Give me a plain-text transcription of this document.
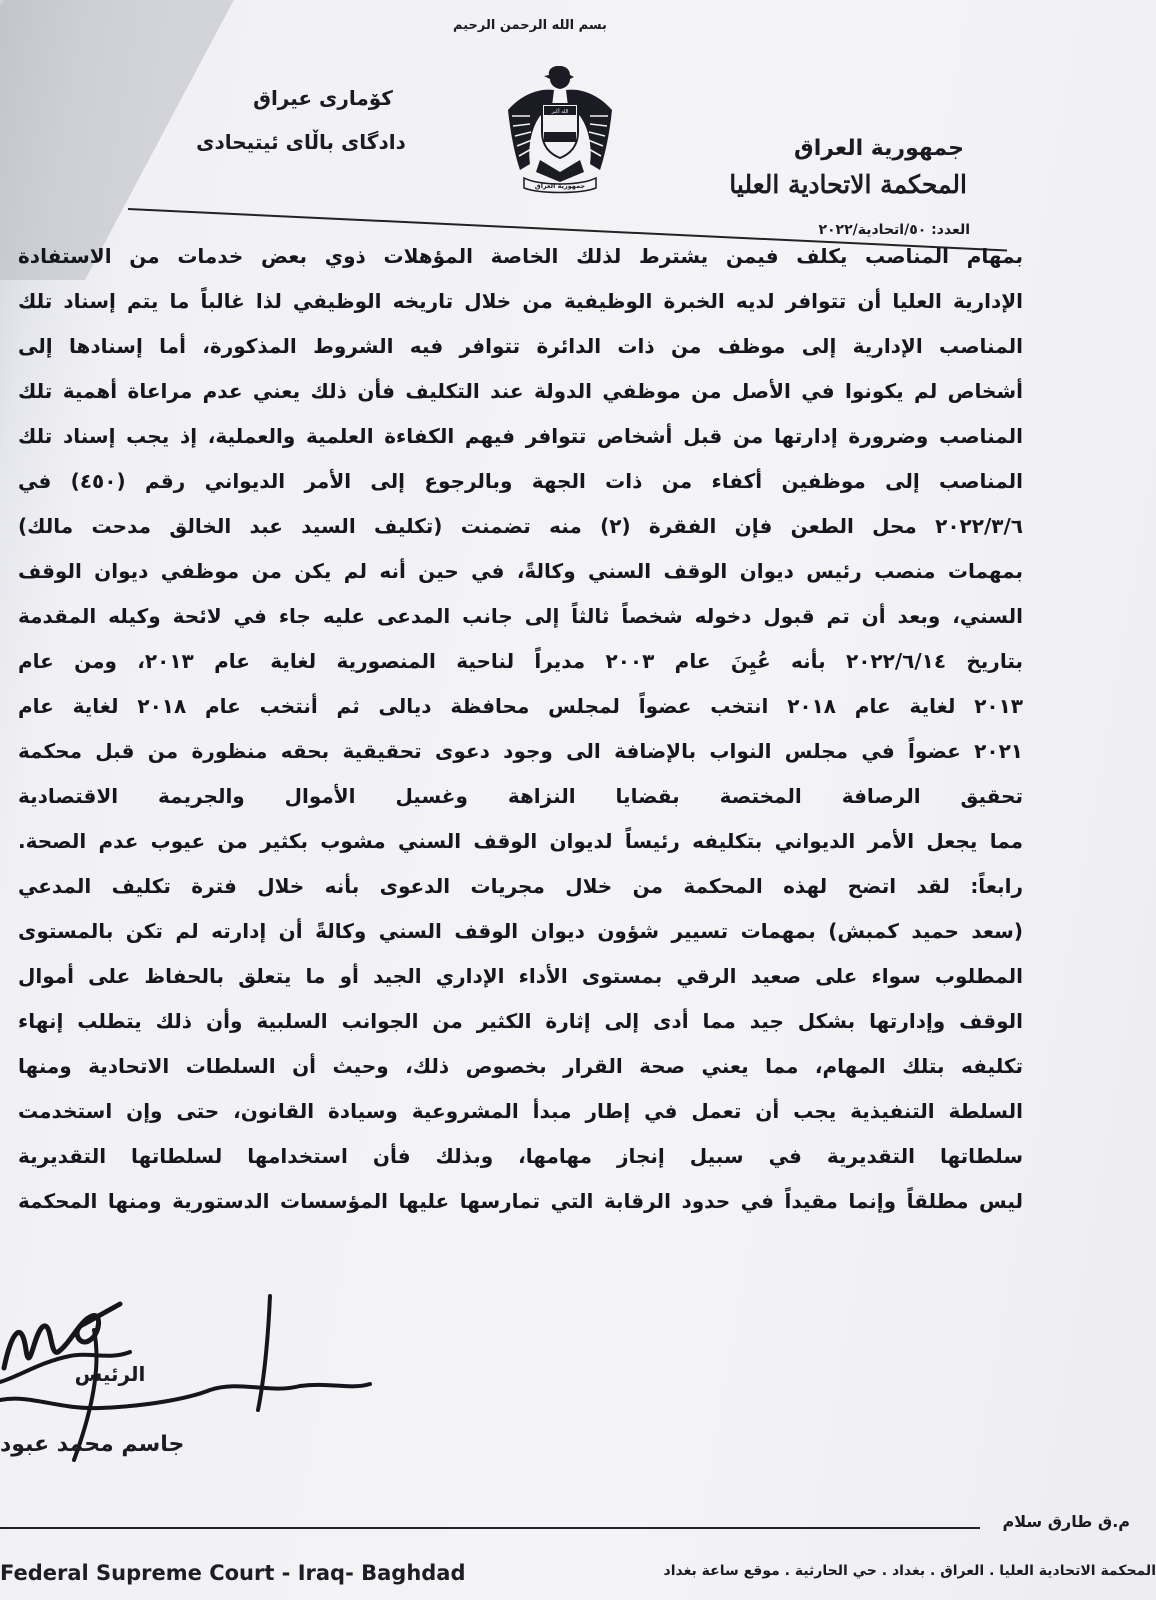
بسم الله الرحمن الرحيم
كۆمارى عيراق
دادگاى باڵاى ئيتيحادى
الله أكبر
جمهورية العراق
جمهورية العراق
المحكمة الاتحادية العليا
العدد: ٥٠/اتحادية/٢٠٢٢
بمهام المناصب يكلف فيمن يشترط لذلك الخاصة المؤهلات ذوي بعض خدمات من الاستفادة
الإدارية العليا أن تتوافر لديه الخبرة الوظيفية من خلال تاريخه الوظيفي لذا غالباً ما يتم إسناد تلك
المناصب الإدارية إلى موظف من ذات الدائرة تتوافر فيه الشروط المذكورة، أما إسنادها إلى
أشخاص لم يكونوا في الأصل من موظفي الدولة عند التكليف فأن ذلك يعني عدم مراعاة أهمية تلك
المناصب وضرورة إدارتها من قبل أشخاص تتوافر فيهم الكفاءة العلمية والعملية، إذ يجب إسناد تلك
المناصب إلى موظفين أكفاء من ذات الجهة وبالرجوع إلى الأمر الديواني رقم (٤٥٠) في
٢٠٢٢/٣/٦ محل الطعن فإن الفقرة (٢) منه تضمنت (تكليف السيد عبد الخالق مدحت مالك)
بمهمات منصب رئيس ديوان الوقف السني وكالةً، في حين أنه لم يكن من موظفي ديوان الوقف
السني، وبعد أن تم قبول دخوله شخصاً ثالثاً إلى جانب المدعى عليه جاء في لائحة وكيله المقدمة
بتاريخ ٢٠٢٢/٦/١٤ بأنه عُيِنَ عام ٢٠٠٣ مديراً لناحية المنصورية لغاية عام ٢٠١٣، ومن عام
٢٠١٣ لغاية عام ٢٠١٨ انتخب عضواً لمجلس محافظة ديالى ثم أنتخب عام ٢٠١٨ لغاية عام
٢٠٢١ عضواً في مجلس النواب بالإضافة الى وجود دعوى تحقيقية بحقه منظورة من قبل محكمة
تحقيق الرصافة المختصة بقضايا النزاهة وغسيل الأموال والجريمة الاقتصادية
مما يجعل الأمر الديواني بتكليفه رئيساً لديوان الوقف السني مشوب بكثير من عيوب عدم الصحة.
رابعاً: لقد اتضح لهذه المحكمة من خلال مجريات الدعوى بأنه خلال فترة تكليف المدعي
(سعد حميد كمبش) بمهمات تسيير شؤون ديوان الوقف السني وكالةً أن إدارته لم تكن بالمستوى
المطلوب سواء على صعيد الرقي بمستوى الأداء الإداري الجيد أو ما يتعلق بالحفاظ على أموال
الوقف وإدارتها بشكل جيد مما أدى إلى إثارة الكثير من الجوانب السلبية وأن ذلك يتطلب إنهاء
تكليفه بتلك المهام، مما يعني صحة القرار بخصوص ذلك، وحيث أن السلطات الاتحادية ومنها
السلطة التنفيذية يجب أن تعمل في إطار مبدأ المشروعية وسيادة القانون، حتى وإن استخدمت
سلطاتها التقديرية في سبيل إنجاز مهامها، وبذلك فأن استخدامها لسلطاتها التقديرية
ليس مطلقاً وإنما مقيداً في حدود الرقابة التي تمارسها عليها المؤسسات الدستورية ومنها المحكمة
الرئيس
جاسم محمد عبود
م.ق طارق سلام
Federal Supreme Court - Iraq- Baghdad	المحكمة الاتحادية العليا . العراق . بغداد . حي الحارثية . موقع ساعة بغداد
